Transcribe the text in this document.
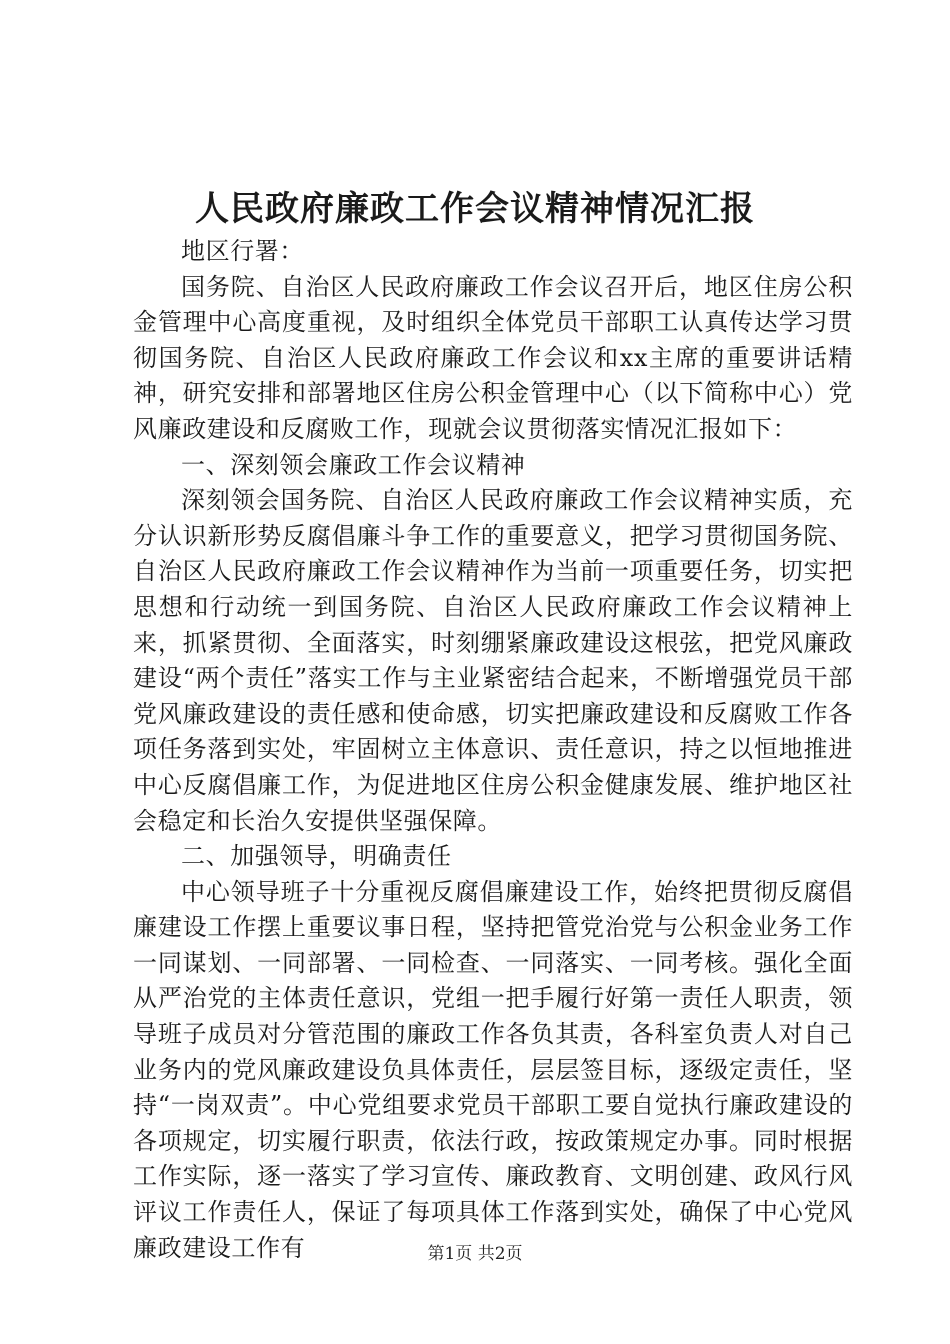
人民政府廉政工作会议精神情况汇报

地区行署：

国务院、自治区人民政府廉政工作会议召开后，地区住房公积金管理中心高度重视，及时组织全体党员干部职工认真传达学习贯彻国务院、自治区人民政府廉政工作会议和xx主席的重要讲话精神，研究安排和部署地区住房公积金管理中心（以下简称中心）党风廉政建设和反腐败工作，现就会议贯彻落实情况汇报如下：

一、深刻领会廉政工作会议精神

深刻领会国务院、自治区人民政府廉政工作会议精神实质，充分认识新形势反腐倡廉斗争工作的重要意义，把学习贯彻国务院、自治区人民政府廉政工作会议精神作为当前一项重要任务，切实把思想和行动统一到国务院、自治区人民政府廉政工作会议精神上来，抓紧贯彻、全面落实，时刻绷紧廉政建设这根弦，把党风廉政建设“两个责任”落实工作与主业紧密结合起来，不断增强党员干部党风廉政建设的责任感和使命感，切实把廉政建设和反腐败工作各项任务落到实处，牢固树立主体意识、责任意识，持之以恒地推进中心反腐倡廉工作，为促进地区住房公积金健康发展、维护地区社会稳定和长治久安提供坚强保障。

二、加强领导，明确责任

中心领导班子十分重视反腐倡廉建设工作，始终把贯彻反腐倡廉建设工作摆上重要议事日程，坚持把管党治党与公积金业务工作一同谋划、一同部署、一同检查、一同落实、一同考核。强化全面从严治党的主体责任意识，党组一把手履行好第一责任人职责，领导班子成员对分管范围的廉政工作各负其责，各科室负责人对自己业务内的党风廉政建设负具体责任，层层签目标，逐级定责任，坚持“一岗双责”。中心党组要求党员干部职工要自觉执行廉政建设的各项规定，切实履行职责，依法行政，按政策规定办事。同时根据工作实际，逐一落实了学习宣传、廉政教育、文明创建、政风行风评议工作责任人，保证了每项具体工作落到实处，确保了中心党风廉政建设工作有	第1页 共2页
